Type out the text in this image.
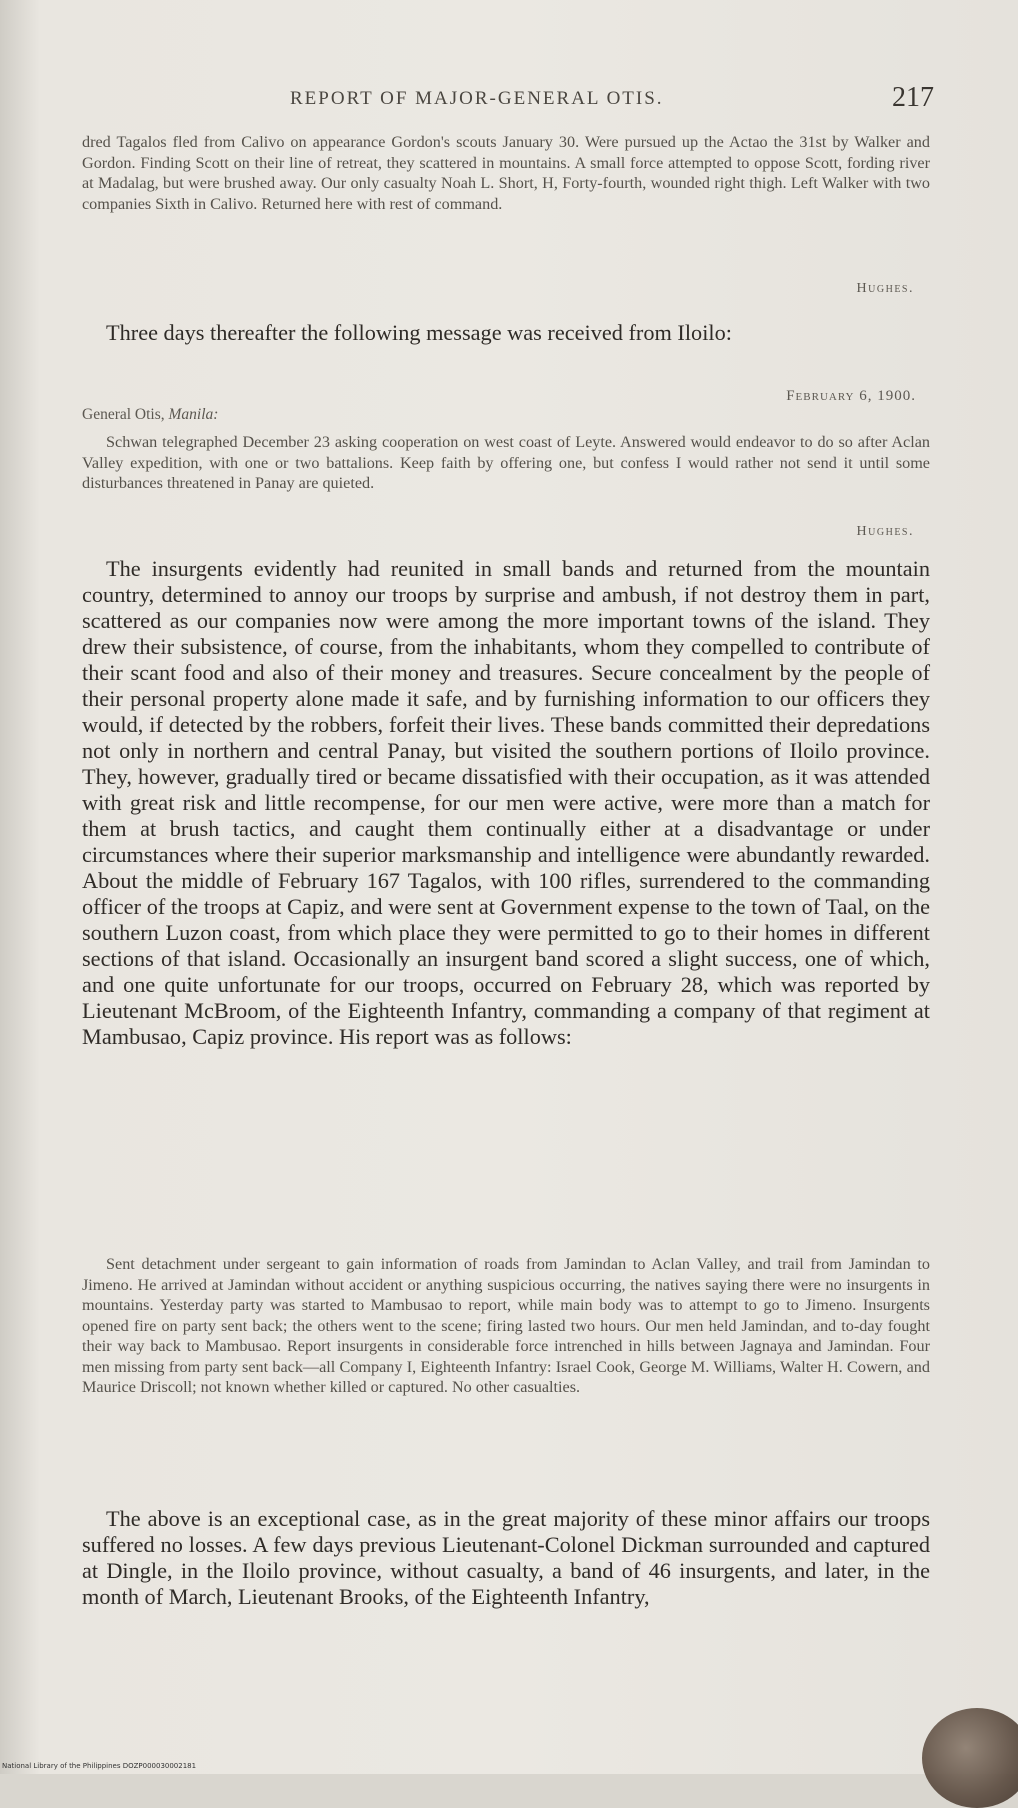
REPORT OF MAJOR-GENERAL OTIS.	217

dred Tagalos fled from Calivo on appearance Gordon's scouts January 30. Were pursued up the Actao the 31st by Walker and Gordon. Finding Scott on their line of retreat, they scattered in mountains. A small force attempted to oppose Scott, fording river at Madalag, but were brushed away. Our only casualty Noah L. Short, H, Forty-fourth, wounded right thigh. Left Walker with two companies Sixth in Calivo. Returned here with rest of command.

Hughes.

Three days thereafter the following message was received from Iloilo:

February 6, 1900.
General Otis, Manila:

Schwan telegraphed December 23 asking cooperation on west coast of Leyte. Answered would endeavor to do so after Aclan Valley expedition, with one or two battalions. Keep faith by offering one, but confess I would rather not send it until some disturbances threatened in Panay are quieted.

Hughes.

The insurgents evidently had reunited in small bands and returned from the mountain country, determined to annoy our troops by surprise and ambush, if not destroy them in part, scattered as our companies now were among the more important towns of the island. They drew their subsistence, of course, from the inhabitants, whom they compelled to contribute of their scant food and also of their money and treasures. Secure concealment by the people of their personal property alone made it safe, and by furnishing information to our officers they would, if detected by the robbers, forfeit their lives. These bands committed their depredations not only in northern and central Panay, but visited the southern portions of Iloilo province. They, however, gradually tired or became dissatisfied with their occupation, as it was attended with great risk and little recompense, for our men were active, were more than a match for them at brush tactics, and caught them continually either at a disadvantage or under circumstances where their superior marksmanship and intelligence were abundantly rewarded. About the middle of February 167 Tagalos, with 100 rifles, surrendered to the commanding officer of the troops at Capiz, and were sent at Government expense to the town of Taal, on the southern Luzon coast, from which place they were permitted to go to their homes in different sections of that island. Occasionally an insurgent band scored a slight success, one of which, and one quite unfortunate for our troops, occurred on February 28, which was reported by Lieutenant McBroom, of the Eighteenth Infantry, commanding a company of that regiment at Mambusao, Capiz province. His report was as follows:

Sent detachment under sergeant to gain information of roads from Jamindan to Aclan Valley, and trail from Jamindan to Jimeno. He arrived at Jamindan without accident or anything suspicious occurring, the natives saying there were no insurgents in mountains. Yesterday party was started to Mambusao to report, while main body was to attempt to go to Jimeno. Insurgents opened fire on party sent back; the others went to the scene; firing lasted two hours. Our men held Jamindan, and to-day fought their way back to Mambusao. Report insurgents in considerable force intrenched in hills between Jagnaya and Jamindan. Four men missing from party sent back—all Company I, Eighteenth Infantry: Israel Cook, George M. Williams, Walter H. Cowern, and Maurice Driscoll; not known whether killed or captured. No other casualties.

The above is an exceptional case, as in the great majority of these minor affairs our troops suffered no losses. A few days previous Lieutenant-Colonel Dickman surrounded and captured at Dingle, in the Iloilo province, without casualty, a band of 46 insurgents, and later, in the month of March, Lieutenant Brooks, of the Eighteenth Infantry,

National Library of the Philippines DOZP000030002181
